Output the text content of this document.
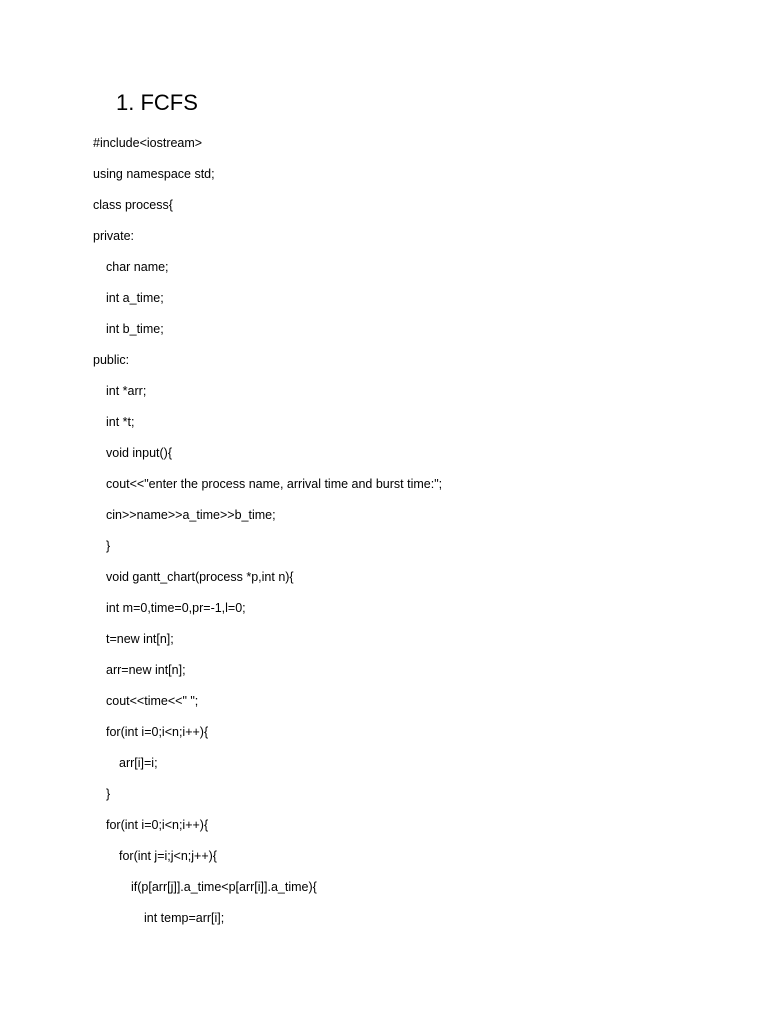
1. FCFS
#include<iostream>
using namespace std;
class process{
private:
char name;
int a_time;
int b_time;
public:
int *arr;
int *t;
void input(){
cout<<"enter the process name, arrival time and burst time:";
cin>>name>>a_time>>b_time;
}
void gantt_chart(process *p,int n){
int m=0,time=0,pr=-1,l=0;
t=new int[n];
arr=new int[n];
cout<<time<<" ";
for(int i=0;i<n;i++){
arr[i]=i;
}
for(int i=0;i<n;i++){
for(int j=i;j<n;j++){
if(p[arr[j]].a_time<p[arr[i]].a_time){
int temp=arr[i];
